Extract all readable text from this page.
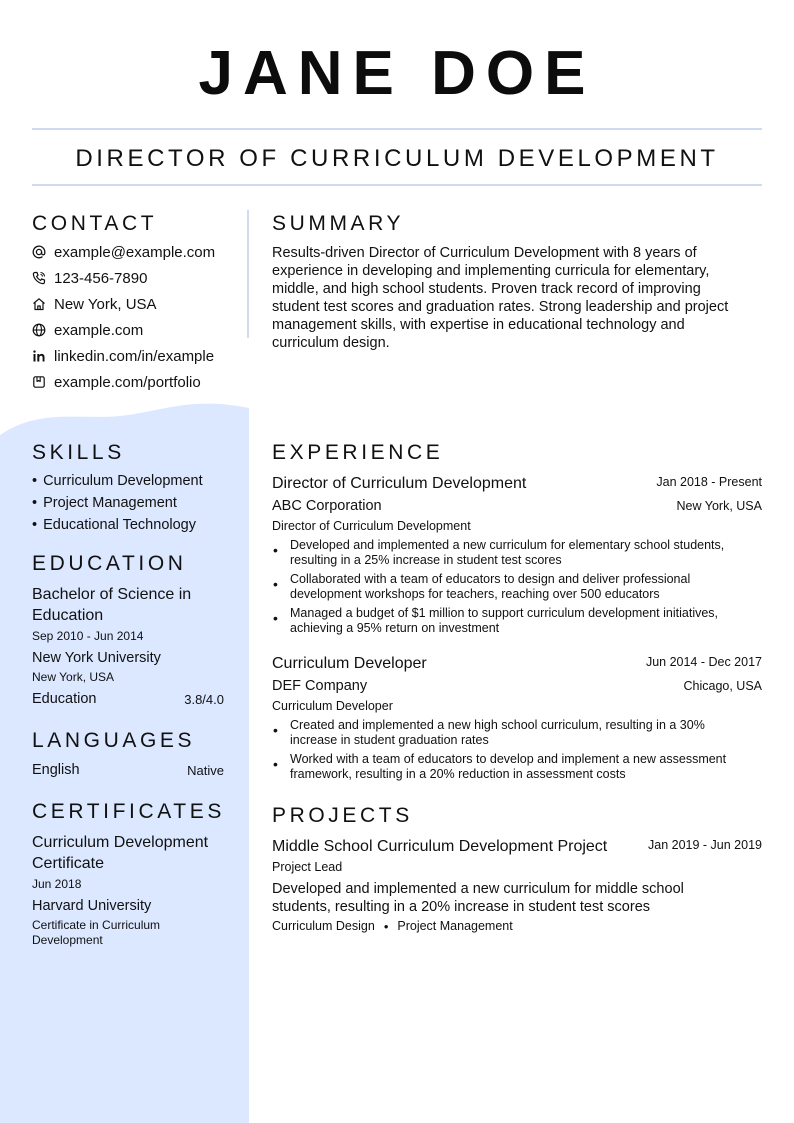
JANE DOE
DIRECTOR OF CURRICULUM DEVELOPMENT
CONTACT
example@example.com
123-456-7890
New York, USA
example.com
linkedin.com/in/example
example.com/portfolio
SKILLS
• Curriculum Development
• Project Management
• Educational Technology
EDUCATION
Bachelor of Science in
Education
Sep 2010 - Jun 2014
New York University
New York, USA
Education	3.8/4.0
LANGUAGES
English	Native
CERTIFICATES
Curriculum Development
Certificate
Jun 2018
Harvard University
Certificate in Curriculum
Development
SUMMARY
Results-driven Director of Curriculum Development with 8 years of
experience in developing and implementing curricula for elementary,
middle, and high school students. Proven track record of improving
student test scores and graduation rates. Strong leadership and project
management skills, with expertise in educational technology and
curriculum design.
EXPERIENCE
Director of Curriculum Development	Jan 2018 - Present
ABC Corporation	New York, USA
Director of Curriculum Development
• Developed and implemented a new curriculum for elementary school students,
resulting in a 25% increase in student test scores
• Collaborated with a team of educators to design and deliver professional
development workshops for teachers, reaching over 500 educators
• Managed a budget of $1 million to support curriculum development initiatives,
achieving a 95% return on investment
Curriculum Developer	Jun 2014 - Dec 2017
DEF Company	Chicago, USA
Curriculum Developer
• Created and implemented a new high school curriculum, resulting in a 30%
increase in student graduation rates
• Worked with a team of educators to develop and implement a new assessment
framework, resulting in a 20% reduction in assessment costs
PROJECTS
Middle School Curriculum Development Project	Jan 2019 - Jun 2019
Project Lead
Developed and implemented a new curriculum for middle school
students, resulting in a 20% increase in student test scores
Curriculum Design • Project Management
